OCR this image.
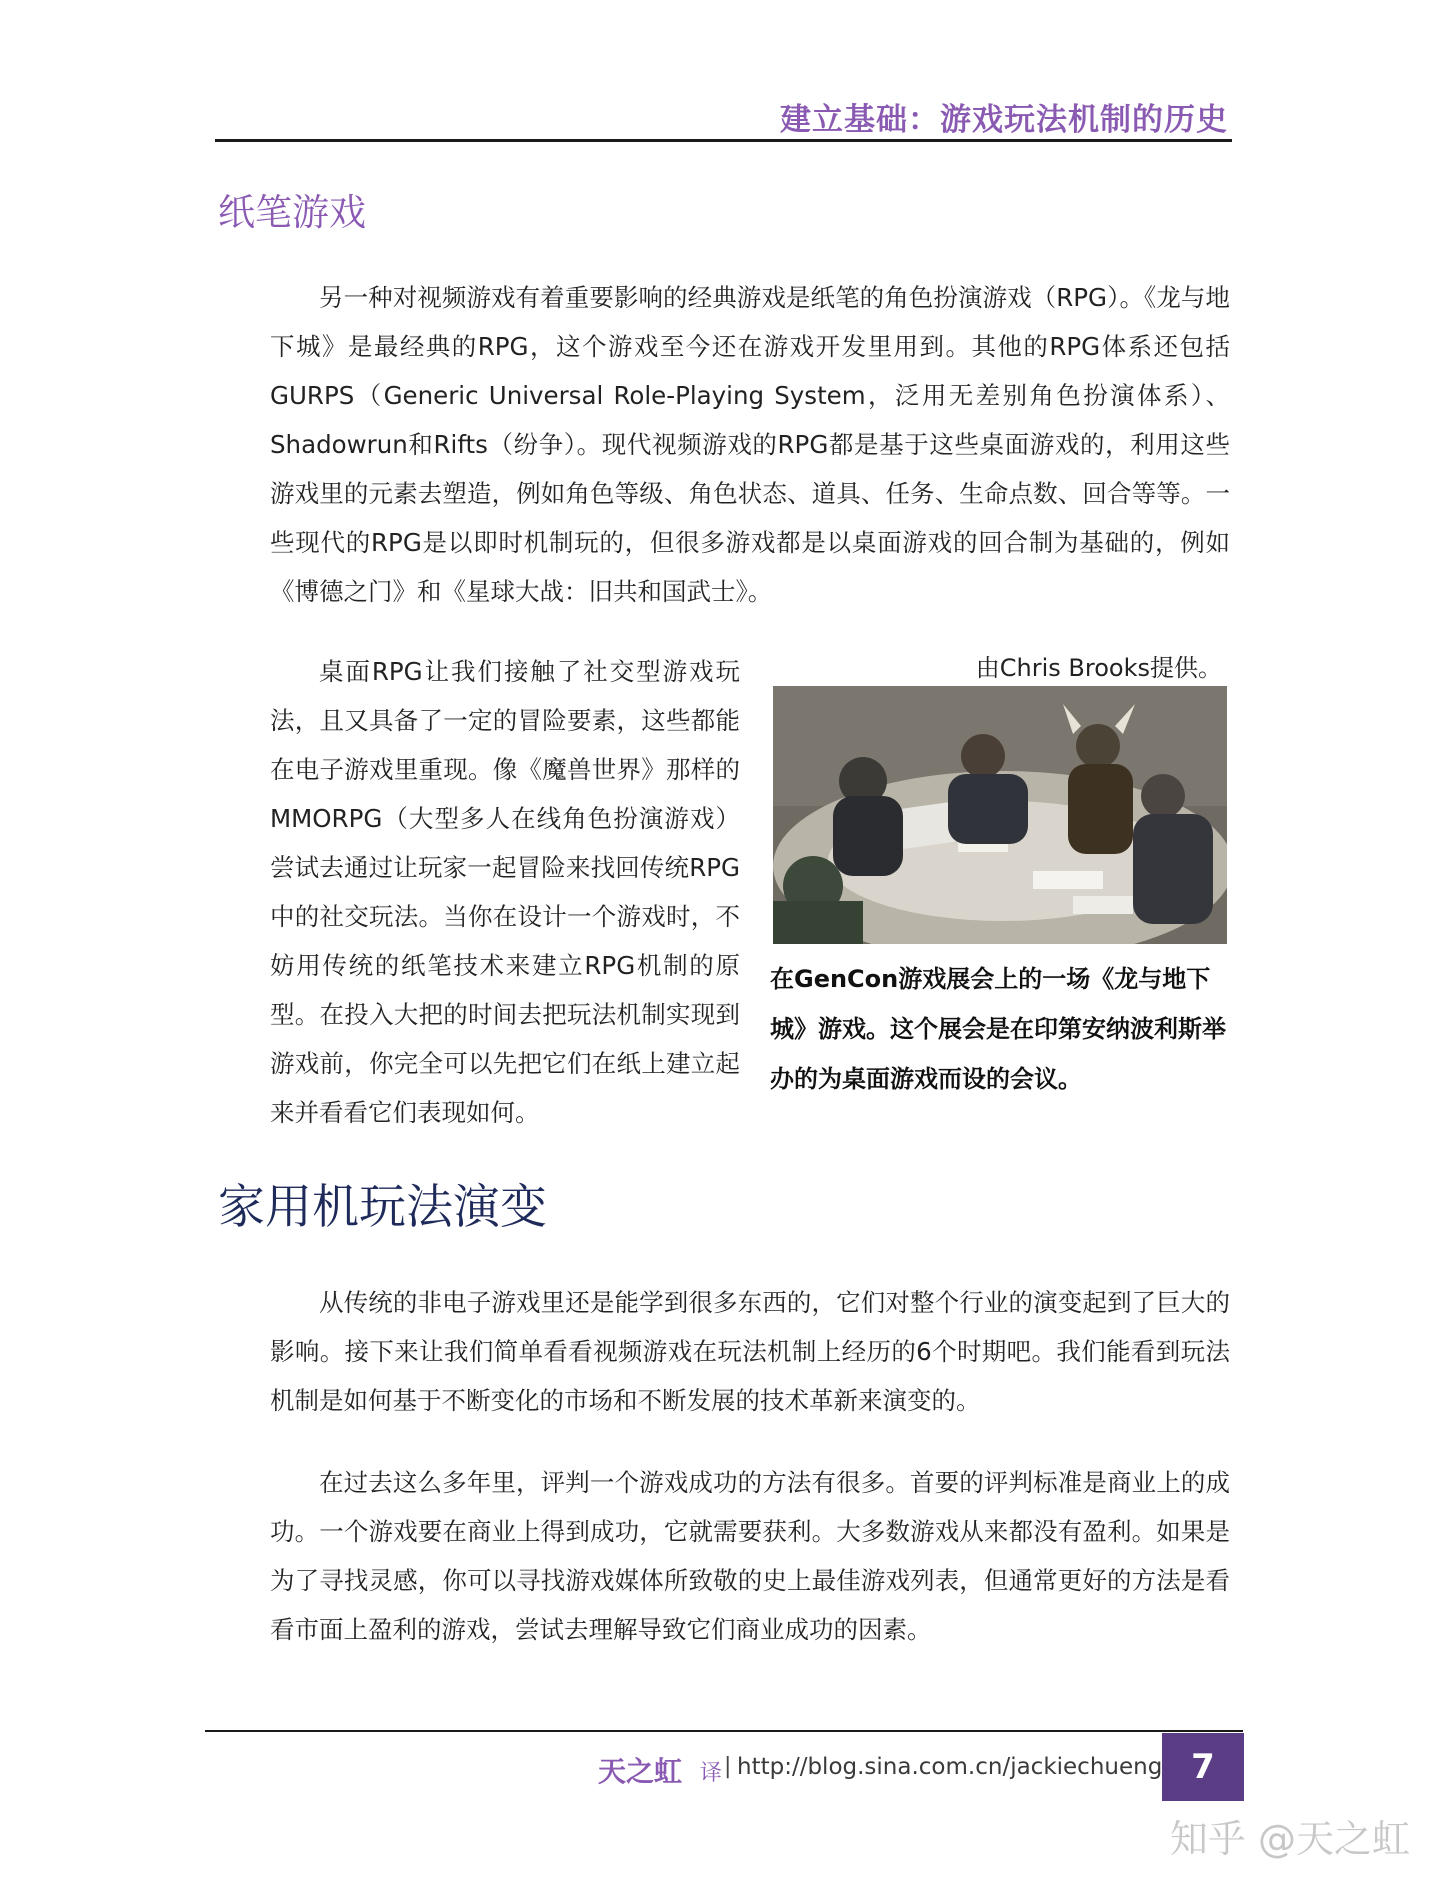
建立基础：游戏玩法机制的历史
纸笔游戏

另一种对视频游戏有着重要影响的经典游戏是纸笔的角色扮演游戏（RPG）。《龙与地下城》是最经典的RPG，这个游戏至今还在游戏开发里用到。其他的RPG体系还包括GURPS（Generic Universal Role-Playing System，泛用无差别角色扮演体系）、Shadowrun和Rifts（纷争）。现代视频游戏的RPG都是基于这些桌面游戏的，利用这些游戏里的元素去塑造，例如角色等级、角色状态、道具、任务、生命点数、回合等等。一些现代的RPG是以即时机制玩的，但很多游戏都是以桌面游戏的回合制为基础的，例如《博德之门》和《星球大战：旧共和国武士》。

桌面RPG让我们接触了社交型游戏玩法，且又具备了一定的冒险要素，这些都能在电子游戏里重现。像《魔兽世界》那样的MMORPG（大型多人在线角色扮演游戏）尝试去通过让玩家一起冒险来找回传统RPG中的社交玩法。当你在设计一个游戏时，不妨用传统的纸笔技术来建立RPG机制的原型。在投入大把的时间去把玩法机制实现到游戏前，你完全可以先把它们在纸上建立起来并看看它们表现如何。

由Chris Brooks提供。

在GenCon游戏展会上的一场《龙与地下城》游戏。这个展会是在印第安纳波利斯举办的为桌面游戏而设的会议。

家用机玩法演变

从传统的非电子游戏里还是能学到很多东西的，它们对整个行业的演变起到了巨大的影响。接下来让我们简单看看视频游戏在玩法机制上经历的6个时期吧。我们能看到玩法机制是如何基于不断变化的市场和不断发展的技术革新来演变的。

在过去这么多年里，评判一个游戏成功的方法有很多。首要的评判标准是商业上的成功。一个游戏要在商业上得到成功，它就需要获利。大多数游戏从来都没有盈利。如果是为了寻找灵感，你可以寻找游戏媒体所致敬的史上最佳游戏列表，但通常更好的方法是看看市面上盈利的游戏，尝试去理解导致它们商业成功的因素。

天之虹 译 | http://blog.sina.com.cn/jackiechueng 7
知乎 @天之虹
